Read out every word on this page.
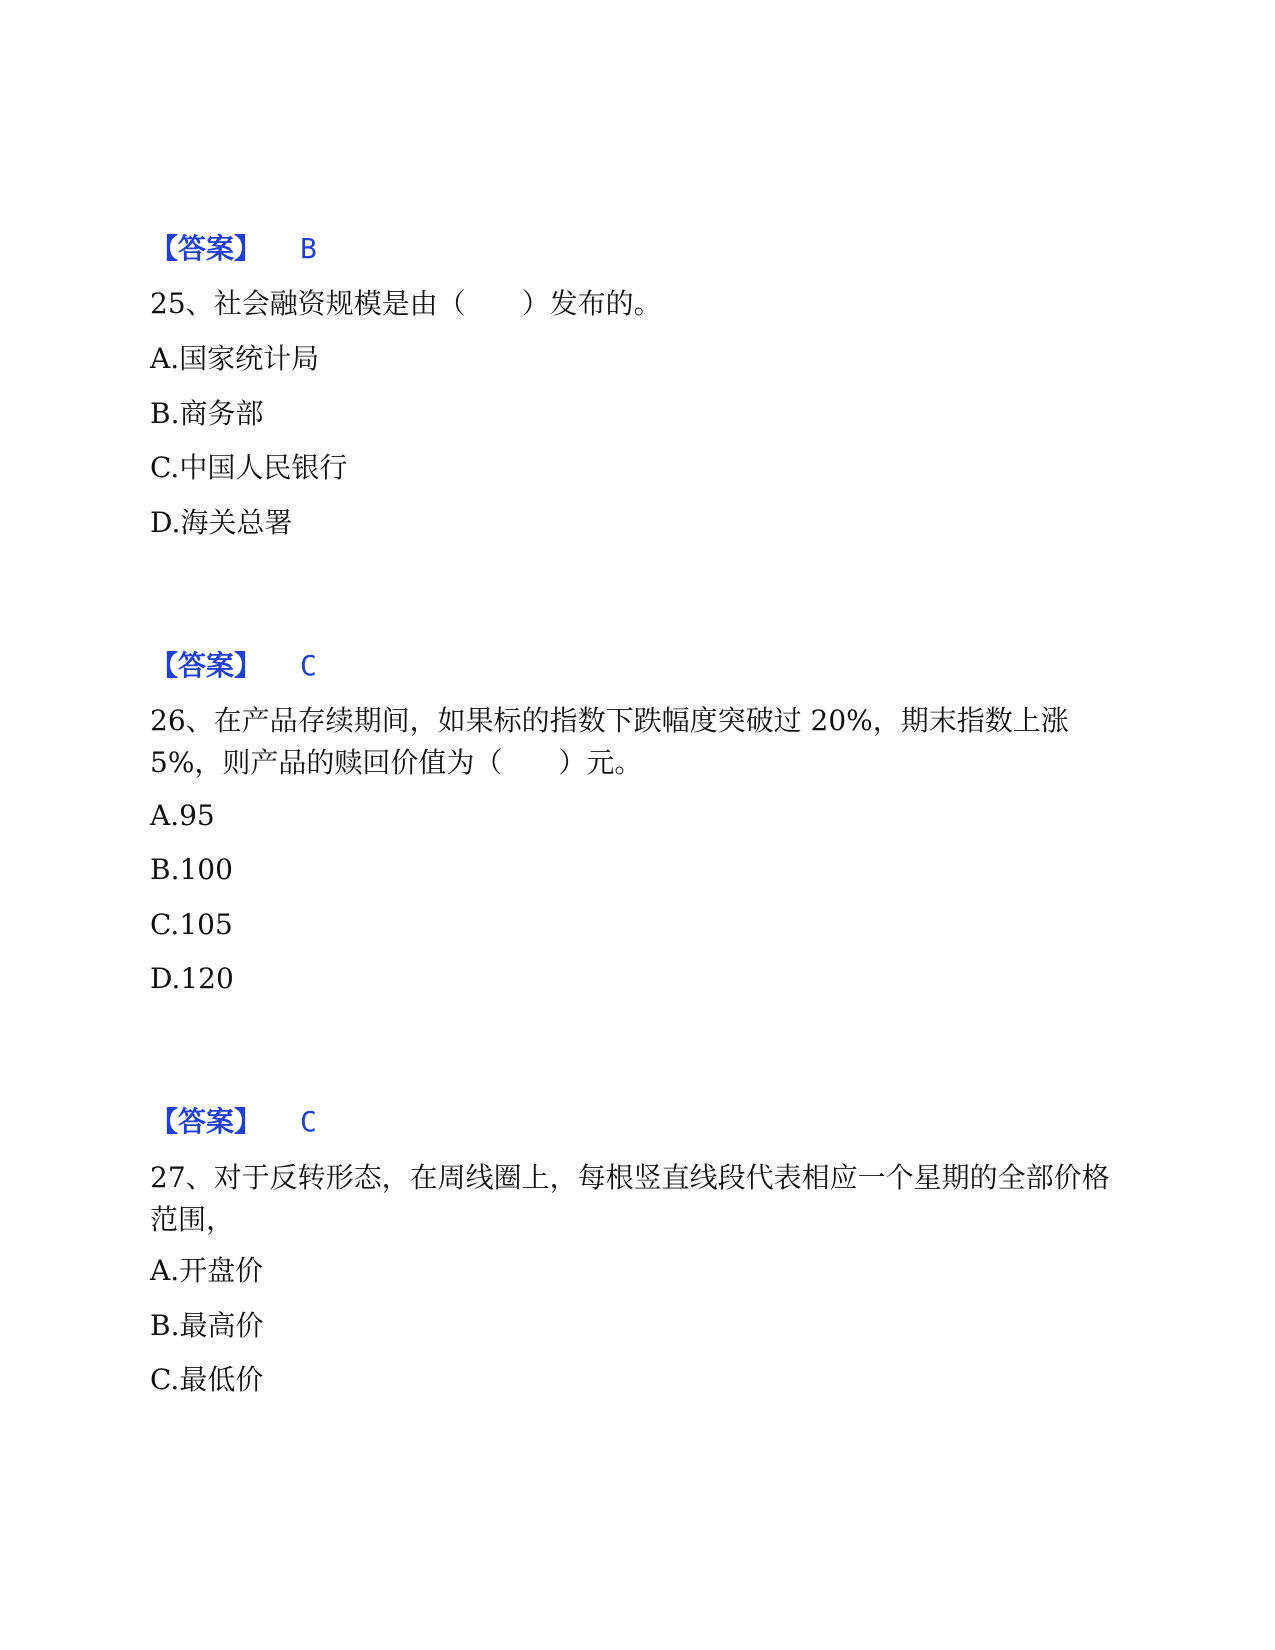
【答案】 B
25、社会融资规模是由（　　）发布的。
A.国家统计局
B.商务部
C.中国人民银行
D.海关总署
【答案】 C
26、在产品存续期间，如果标的指数下跌幅度突破过 20%，期末指数上涨 5%，则产品的赎回价值为（　　）元。
A.95
B.100
C.105
D.120
【答案】 C
27、对于反转形态，在周线圈上，每根竖直线段代表相应一个星期的全部价格范围，
A.开盘价
B.最高价
C.最低价
